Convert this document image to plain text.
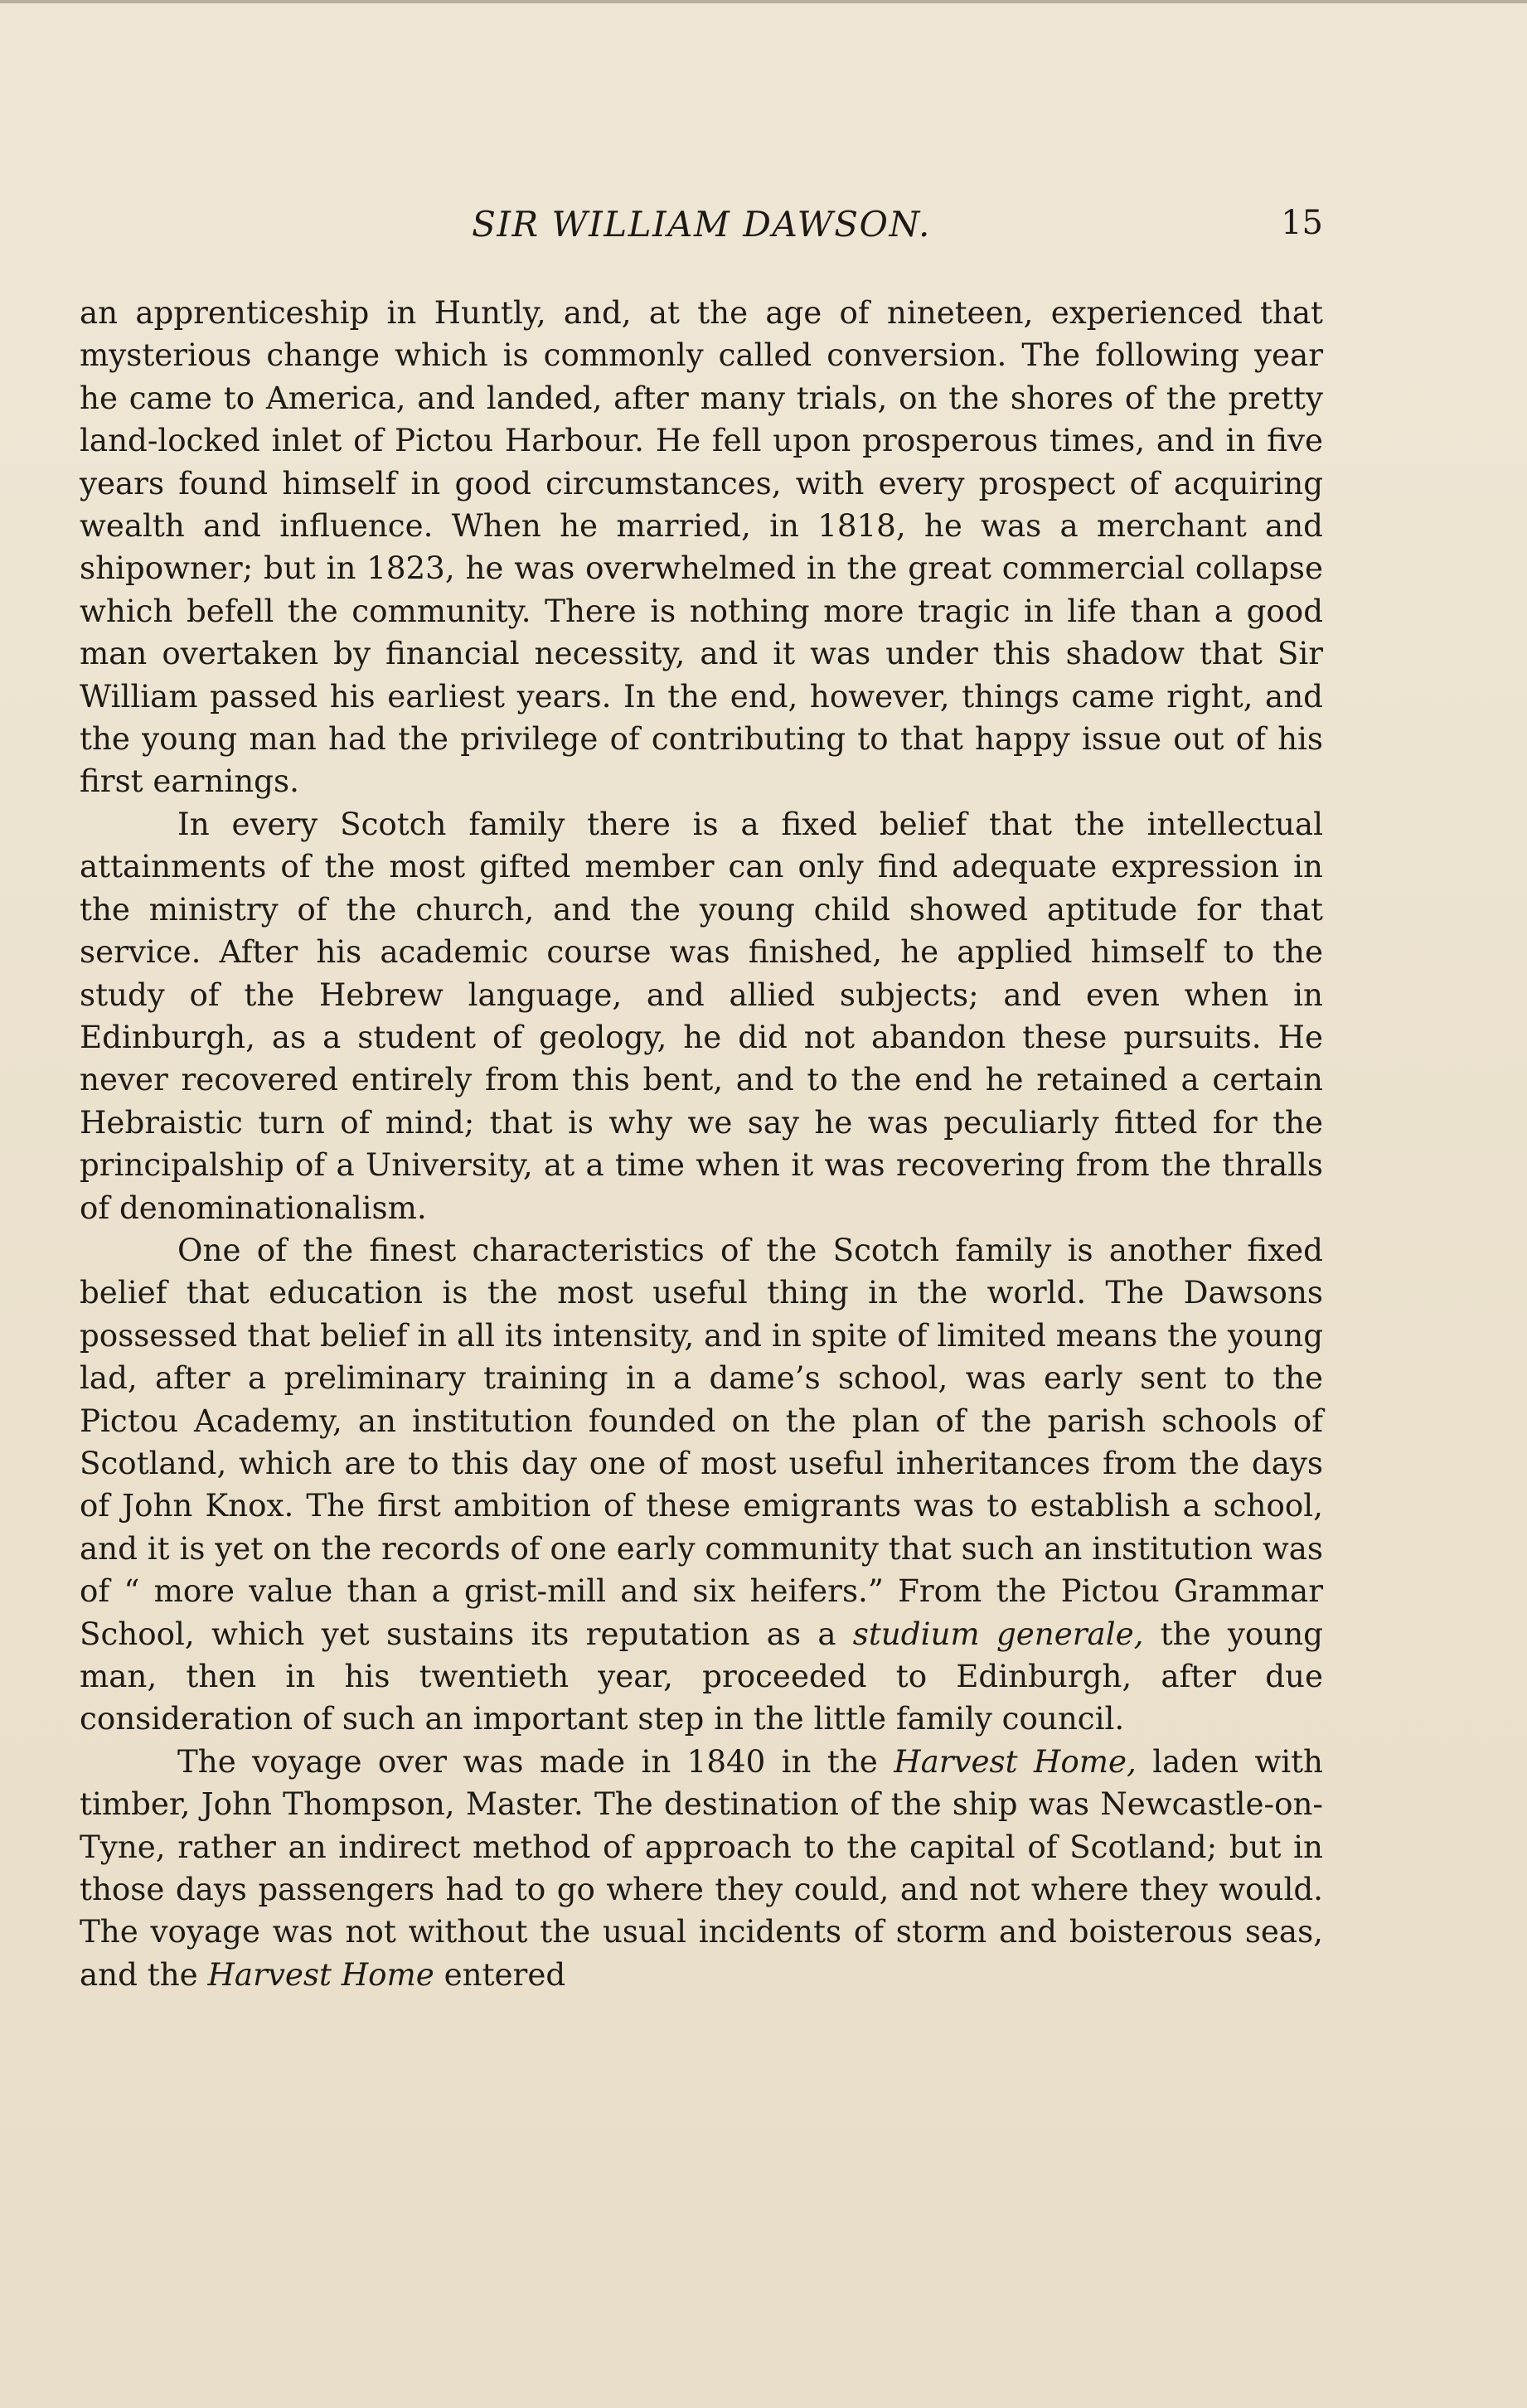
SIR WILLIAM DAWSON.	15

an apprenticeship in Huntly, and, at the age of nineteen, experienced that mysterious change which is commonly called conversion. The following year he came to America, and landed, after many trials, on the shores of the pretty land-locked inlet of Pictou Harbour. He fell upon prosperous times, and in five years found himself in good circumstances, with every prospect of acquiring wealth and influence. When he married, in 1818, he was a merchant and shipowner; but in 1823, he was overwhelmed in the great commercial collapse which befell the community. There is nothing more tragic in life than a good man overtaken by financial necessity, and it was under this shadow that Sir William passed his earliest years. In the end, however, things came right, and the young man had the privilege of contributing to that happy issue out of his first earnings.

In every Scotch family there is a fixed belief that the intellectual attainments of the most gifted member can only find adequate expression in the ministry of the church, and the young child showed aptitude for that service. After his academic course was finished, he applied himself to the study of the Hebrew language, and allied subjects; and even when in Edinburgh, as a student of geology, he did not abandon these pursuits. He never recovered entirely from this bent, and to the end he retained a certain Hebraistic turn of mind; that is why we say he was peculiarly fitted for the principalship of a University, at a time when it was recovering from the thralls of denominationalism.

One of the finest characteristics of the Scotch family is another fixed belief that education is the most useful thing in the world. The Dawsons possessed that belief in all its intensity, and in spite of limited means the young lad, after a preliminary training in a dame’s school, was early sent to the Pictou Academy, an institution founded on the plan of the parish schools of Scotland, which are to this day one of most useful inheritances from the days of John Knox. The first ambition of these emigrants was to establish a school, and it is yet on the records of one early community that such an institution was of “ more value than a grist-mill and six heifers.” From the Pictou Grammar School, which yet sustains its reputation as a studium generale, the young man, then in his twentieth year, proceeded to Edinburgh, after due consideration of such an important step in the little family council.

The voyage over was made in 1840 in the Harvest Home, laden with timber, John Thompson, Master. The destination of the ship was Newcastle-on-Tyne, rather an indirect method of approach to the capital of Scotland; but in those days passengers had to go where they could, and not where they would. The voyage was not without the usual incidents of storm and boisterous seas, and the Harvest Home entered
